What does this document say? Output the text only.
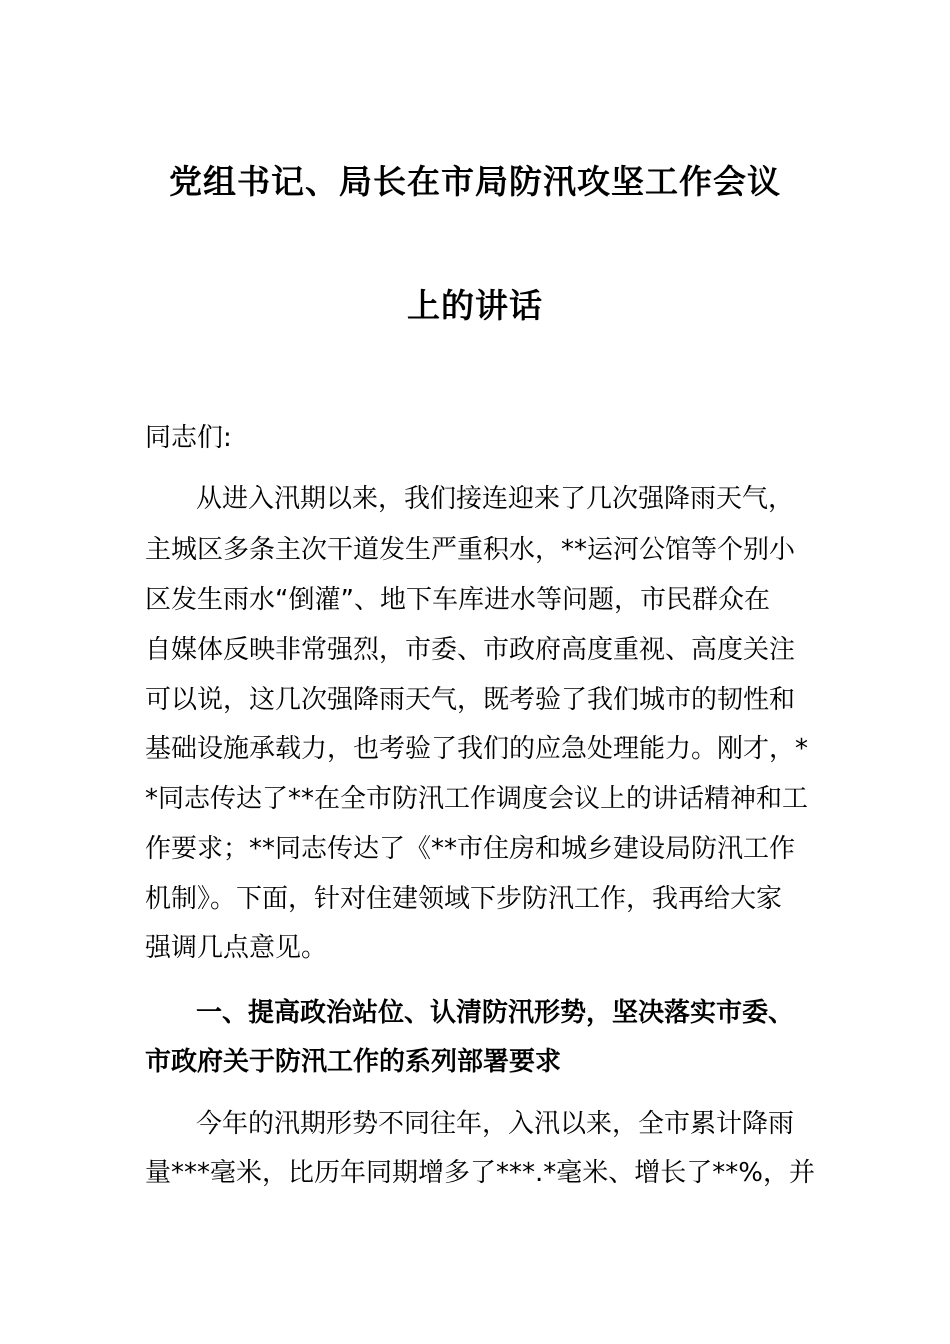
党组书记、局长在市局防汛攻坚工作会议
上的讲话
同志们:
从进入汛期以来，我们接连迎来了几次强降雨天气，
主城区多条主次干道发生严重积水，**运河公馆等个别小
区发生雨水“倒灌”、地下车库进水等问题，市民群众在
自媒体反映非常强烈，市委、市政府高度重视、高度关注
可以说，这几次强降雨天气，既考验了我们城市的韧性和
基础设施承载力，也考验了我们的应急处理能力。刚才，*
*同志传达了**在全市防汛工作调度会议上的讲话精神和工
作要求；**同志传达了《**市住房和城乡建设局防汛工作
机制》。下面，针对住建领域下步防汛工作，我再给大家
强调几点意见。
一、提高政治站位、认清防汛形势，坚决落实市委、
市政府关于防汛工作的系列部署要求
今年的汛期形势不同往年，入汛以来，全市累计降雨
量***毫米，比历年同期增多了***.*毫米、增长了**%，并
